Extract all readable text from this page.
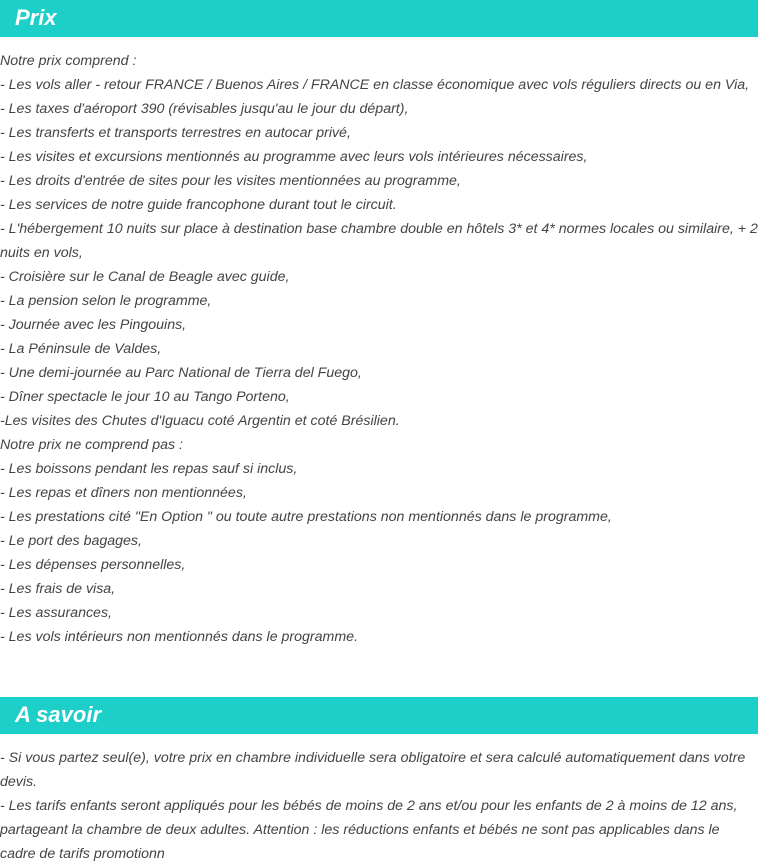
Prix

Notre prix comprend :

- Les vols aller - retour FRANCE / Buenos Aires / FRANCE en classe économique avec vols réguliers directs ou en Via,

- Les taxes d'aéroport 390 (révisables jusqu'au le jour du départ),

- Les transferts et transports terrestres en autocar privé,

- Les visites et excursions mentionnés au programme avec leurs vols intérieures nécessaires,

- Les droits d'entrée de sites pour les visites mentionnées au programme,

- Les services de notre guide francophone durant tout le circuit.

- L'hébergement 10 nuits sur place à destination base chambre double en hôtels 3* et 4* normes locales ou similaire, + 2 nuits en vols,

- Croisière sur le Canal de Beagle avec guide,

- La pension selon le programme,

- Journée avec les Pingouins,

- La Péninsule de Valdes,

- Une demi-journée au Parc National de Tierra del Fuego,

- Dîner spectacle le jour 10 au Tango Porteno,

-Les visites des Chutes d'Iguacu coté Argentin et coté Brésilien.

Notre prix ne comprend pas :

- Les boissons pendant les repas sauf si inclus,

- Les repas et dîners non mentionnées,

- Les prestations cité "En Option " ou toute autre prestations non mentionnés dans le programme,

- Le port des bagages,

- Les dépenses personnelles,

- Les frais de visa,

- Les assurances,

- Les vols intérieurs non mentionnés dans le programme.

A savoir

- Si vous partez seul(e), votre prix en chambre individuelle sera obligatoire et sera calculé automatiquement dans votre devis.

- Les tarifs enfants seront appliqués pour les bébés de moins de 2 ans et/ou pour les enfants de 2 à moins de 12 ans, partageant la chambre de deux adultes. Attention : les réductions enfants et bébés ne sont pas applicables dans le cadre de tarifs promotionn
